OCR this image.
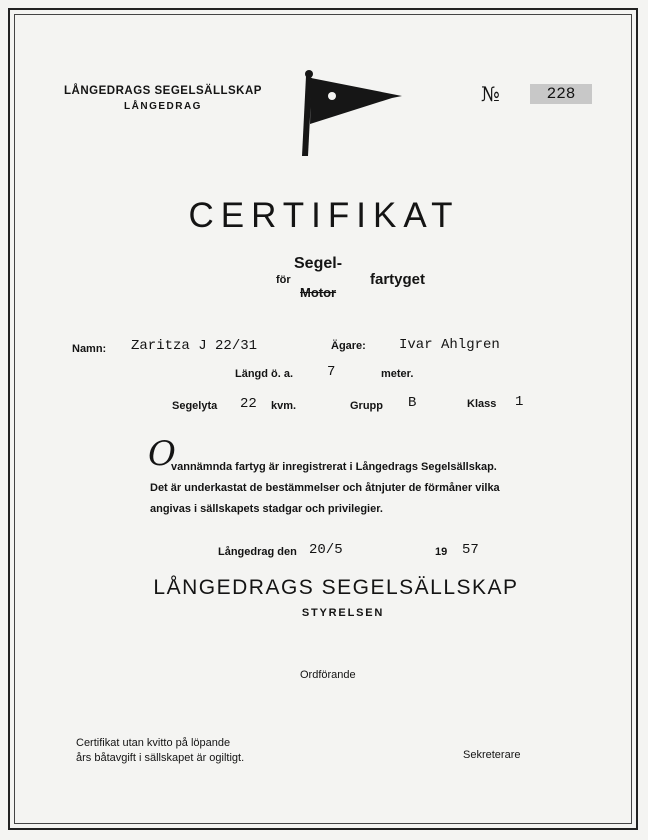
LÅNGEDRAGS SEGELSÄLLSKAP
LÅNGEDRAG
№	228
CERTIFIKAT
för
Segel-
Motor
fartyget
Namn: Zaritza J 22/31	Ägare: Ivar Ahlgren
Längd ö. a. 7	meter.
Segelyta 22 kvm.	Grupp B	Klass 1
O
vannämnda fartyg är inregistrerat i Långedrags Segelsällskap.
Det är underkastat de bestämmelser och åtnjuter de förmåner vilka
angivas i sällskapets stadgar och privilegier.
Långedrag den 20/5	19 57
LÅNGEDRAGS SEGELSÄLLSKAP
STYRELSEN
Ordförande
Certifikat utan kvitto på löpande
års båtavgift i sällskapet är ogiltigt.	Sekreterare
